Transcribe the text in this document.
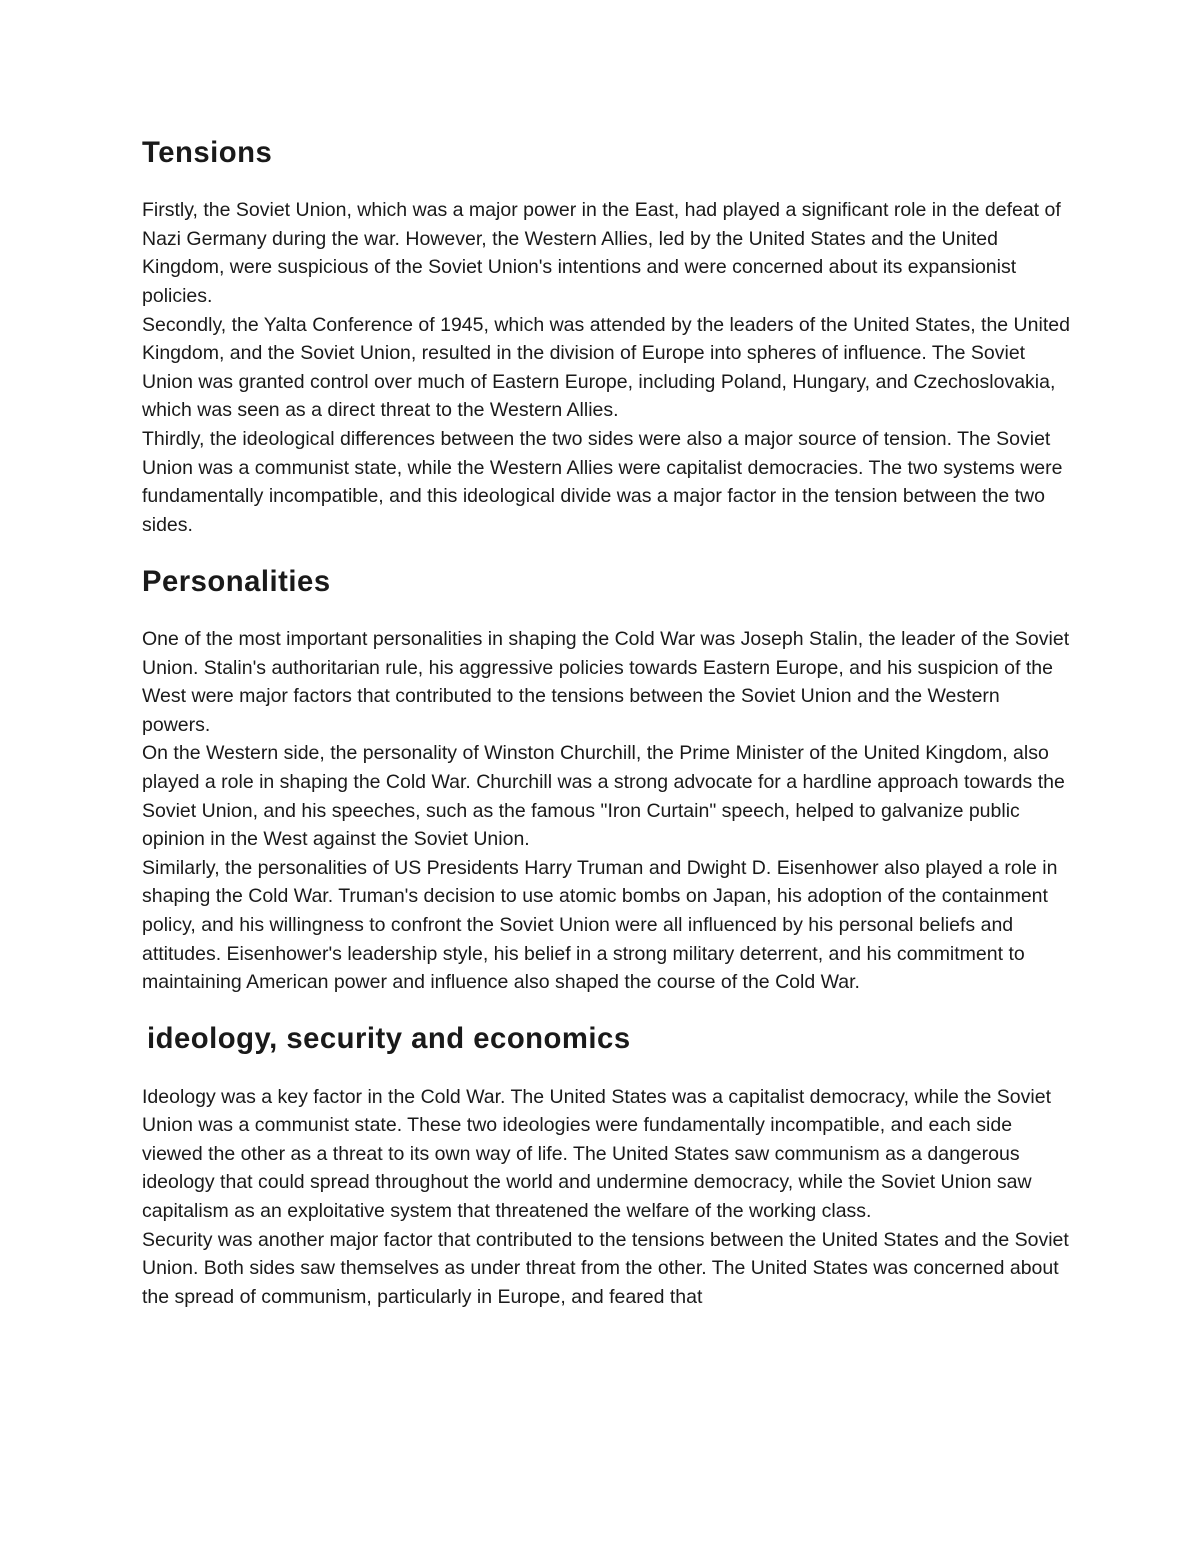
Tensions

Firstly, the Soviet Union, which was a major power in the East, had played a significant role in the defeat of Nazi Germany during the war. However, the Western Allies, led by the United States and the United Kingdom, were suspicious of the Soviet Union's intentions and were concerned about its expansionist policies.

Secondly, the Yalta Conference of 1945, which was attended by the leaders of the United States, the United Kingdom, and the Soviet Union, resulted in the division of Europe into spheres of influence. The Soviet Union was granted control over much of Eastern Europe, including Poland, Hungary, and Czechoslovakia, which was seen as a direct threat to the Western Allies.

Thirdly, the ideological differences between the two sides were also a major source of tension. The Soviet Union was a communist state, while the Western Allies were capitalist democracies. The two systems were fundamentally incompatible, and this ideological divide was a major factor in the tension between the two sides.

Personalities

One of the most important personalities in shaping the Cold War was Joseph Stalin, the leader of the Soviet Union. Stalin's authoritarian rule, his aggressive policies towards Eastern Europe, and his suspicion of the West were major factors that contributed to the tensions between the Soviet Union and the Western powers.

On the Western side, the personality of Winston Churchill, the Prime Minister of the United Kingdom, also played a role in shaping the Cold War. Churchill was a strong advocate for a hardline approach towards the Soviet Union, and his speeches, such as the famous "Iron Curtain" speech, helped to galvanize public opinion in the West against the Soviet Union.

Similarly, the personalities of US Presidents Harry Truman and Dwight D. Eisenhower also played a role in shaping the Cold War. Truman's decision to use atomic bombs on Japan, his adoption of the containment policy, and his willingness to confront the Soviet Union were all influenced by his personal beliefs and attitudes. Eisenhower's leadership style, his belief in a strong military deterrent, and his commitment to maintaining American power and influence also shaped the course of the Cold War.

ideology, security and economics

Ideology was a key factor in the Cold War. The United States was a capitalist democracy, while the Soviet Union was a communist state. These two ideologies were fundamentally incompatible, and each side viewed the other as a threat to its own way of life. The United States saw communism as a dangerous ideology that could spread throughout the world and undermine democracy, while the Soviet Union saw capitalism as an exploitative system that threatened the welfare of the working class.

Security was another major factor that contributed to the tensions between the United States and the Soviet Union. Both sides saw themselves as under threat from the other. The United States was concerned about the spread of communism, particularly in Europe, and feared that
